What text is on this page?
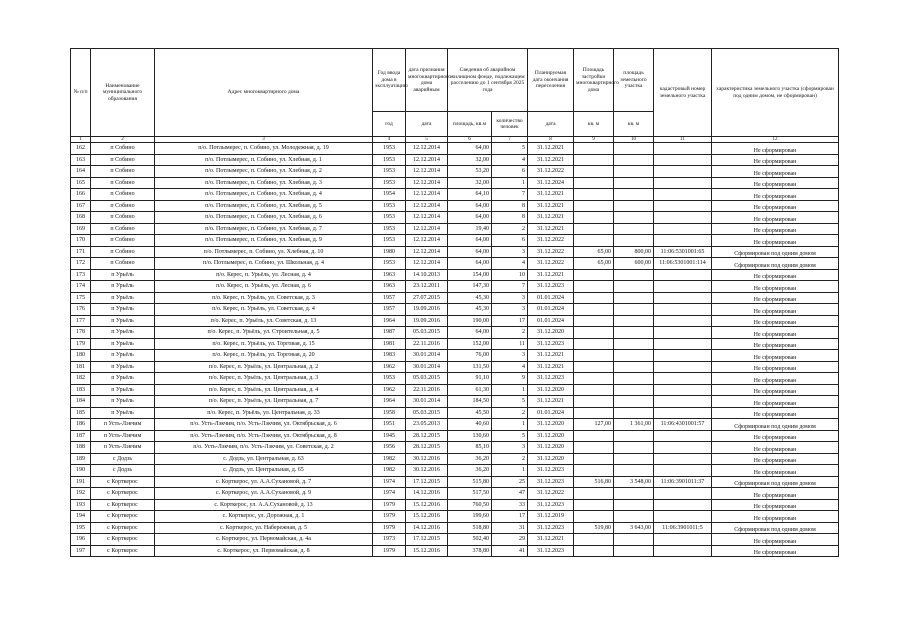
№ п/п	Наименование муниципального образования	Адрес многоквартирного дома	Год ввода дома в эксплуатацию	дата признания многоквартирного дома аварийным	Сведения об аварийном жилищном фонде, подлежащем расселению до 1 сентября 2025 года		Планируемая дата окончания переселения	Площадь застройки многоквартирного дома	площадь земельного участка	кадастровый номер земельного участка	характеристика земельного участка (сформирован под одним домом, не сформирован)
			год	дата	площадь, кв.м	количество человек	дата	кв. м	кв. м		
1	2	3	4	5	6	7	8	9	10	11	12
162	п Собино	п/о. Потлымерес, п. Собино, ул. Молодежная, д. 19	1953	12.12.2014	64,00	5	31.12.2021				Не сформирован
163	п Собино	п/о. Потлымерес, п. Собино, ул. Хлебная, д. 1	1953	12.12.2014	32,00	4	31.12.2021				Не сформирован
164	п Собино	п/о. Потлымерес, п. Собино, ул. Хлебная, д. 2	1953	12.12.2014	53,20	6	31.12.2022				Не сформирован
165	п Собино	п/о. Потлымерес, п. Собино, ул. Хлебная, д. 3	1953	12.12.2014	32,00	1	31.12.2024				Не сформирован
166	п Собино	п/о. Потлымерес, п. Собино, ул. Хлебная, д. 4	1954	12.12.2014	64,10	7	31.12.2021				Не сформирован
167	п Собино	п/о. Потлымерес, п. Собино, ул. Хлебная, д. 5	1953	12.12.2014	64,00	8	31.12.2021				Не сформирован
168	п Собино	п/о. Потлымерес, п. Собино, ул. Хлебная, д. 6	1953	12.12.2014	64,00	8	31.12.2021				Не сформирован
169	п Собино	п/о. Потлымерес, п. Собино, ул. Хлебная, д. 7	1953	12.12.2014	19,40	2	31.12.2021				Не сформирован
170	п Собино	п/о. Потлымерес, п. Собино, ул. Хлебная, д. 9	1953	12.12.2014	64,00	6	31.12.2022				Не сформирован
171	п Собино	п/о. Потлымерес, п. Собино, ул. Хлебная, д. 10	1980	12.12.2014	64,00	3	31.12.2022	65,00	800,00	11:06:5301001:65	Сформирован под одним домом
172	п Собино	п/о. Потлымерес, п. Собино, ул. Школьная, д. 4	1953	12.12.2014	64,00	4	31.12.2022	65,00	600,00	11:06:5301001:114	Сформирован под одним домом
173	п Урьёль	п/о. Керес, п. Урьёль, ул. Лесная, д. 4	1963	14.10.2013	154,00	10	31.12.2021				Не сформирован
174	п Урьёль	п/о. Керес, п. Урьёль, ул. Лесная, д. 6	1963	23.12.2011	147,30	7	31.12.2023				Не сформирован
175	п Урьёль	п/о. Керес, п. Урьёль, ул. Советская, д. 3	1957	27.07.2015	45,30	3	01.01.2024				Не сформирован
176	п Урьёль	п/о. Керес, п. Урьёль, ул. Советская, д. 4	1957	19.09.2016	45,30	3	01.01.2024				Не сформирован
177	п Урьёль	п/о. Керес, п. Урьёль, ул. Советская, д. 13	1964	19.09.2016	190,00	17	01.01.2024				Не сформирован
178	п Урьёль	п/о. Керес, п. Урьёль, ул. Строительная, д. 5	1987	05.03.2015	64,00	2	31.12.2020				Не сформирован
179	п Урьёль	п/о. Керес, п. Урьёль, ул. Торговая, д. 15	1981	22.11.2016	152,00	11	31.12.2023				Не сформирован
180	п Урьёль	п/о. Керес, п. Урьёль, ул. Торговая, д. 20	1983	30.01.2014	76,00	3	31.12.2021				Не сформирован
181	п Урьёль	п/о. Керес, п. Урьёль, ул. Центральная, д. 2	1962	30.01.2014	131,50	4	31.12.2021				Не сформирован
182	п Урьёль	п/о. Керес, п. Урьёль, ул. Центральная, д. 3	1953	05.03.2015	91,10	9	31.12.2023				Не сформирован
183	п Урьёль	п/о. Керес, п. Урьёль, ул. Центральная, д. 4	1962	22.11.2016	61,30	1	31.12.2020				Не сформирован
184	п Урьёль	п/о. Керес, п. Урьёль, ул. Центральная, д. 7	1964	30.01.2014	184,50	5	31.12.2021				Не сформирован
185	п Урьёль	п/о. Керес, п. Урьёль, ул. Центральная, д. 33	1958	05.03.2015	45,50	2	01.01.2024				Не сформирован
186	п Усть-Лэкчим	п/о. Усть-Лэкчим, п/о. Усть-Лэкчим, ул. Октябрьская, д. 6	1951	23.05.2013	40,60	1	31.12.2020	127,00	1 361,00	11:06:4301001:57	Сформирован под одним домом
187	п Усть-Лэкчим	п/о. Усть-Лэкчим, п/о. Усть-Лэкчим, ул. Октябрьская, д. 8	1945	28.12.2015	130,60	5	31.12.2020				Не сформирован
188	п Усть-Лэкчим	п/о. Усть-Лэкчим, п/о. Усть-Лэкчим, ул. Советская, д. 2	1956	28.12.2015	85,10	3	31.12.2020				Не сформирован
189	с Додзь	с. Додзь, ул. Центральная, д. 63	1982	30.12.2016	36,20	2	31.12.2020				Не сформирован
190	с Додзь	с. Додзь, ул. Центральная, д. 65	1982	30.12.2016	36,20	1	31.12.2023				Не сформирован
191	с Корткерос	с. Корткерос, ул. А.А.Сухановой, д. 7	1974	17.12.2015	515,80	25	31.12.2023	516,80	3 548,00	11:06:3901011:37	Сформирован под одним домом
192	с Корткерос	с. Корткерос, ул. А.А.Сухановой, д. 9	1974	14.12.2016	517,50	47	31.12.2022				Не сформирован
193	с Корткерос	с. Корткерос, ул. А.А.Сухановой, д. 13	1979	15.12.2016	760,50	33	31.12.2023				Не сформирован
194	с Корткерос	с. Корткерос, ул. Дорожная, д. 1	1979	15.12.2016	199,60	17	31.12.2019				Не сформирован
195	с Корткерос	с. Корткерос, ул. Набережная, д. 5	1979	14.12.2016	518,80	31	31.12.2023	519,80	3 643,00	11:06:3901011:5	Сформирован под одним домом
196	с Корткерос	с. Корткерос, ул. Первомайская, д. 4а	1973	17.12.2015	502,40	29	31.12.2021				Не сформирован
197	с Корткерос	с. Корткерос, ул. Первомайская, д. 8	1979	15.12.2016	378,80	41	31.12.2023				Не сформирован
